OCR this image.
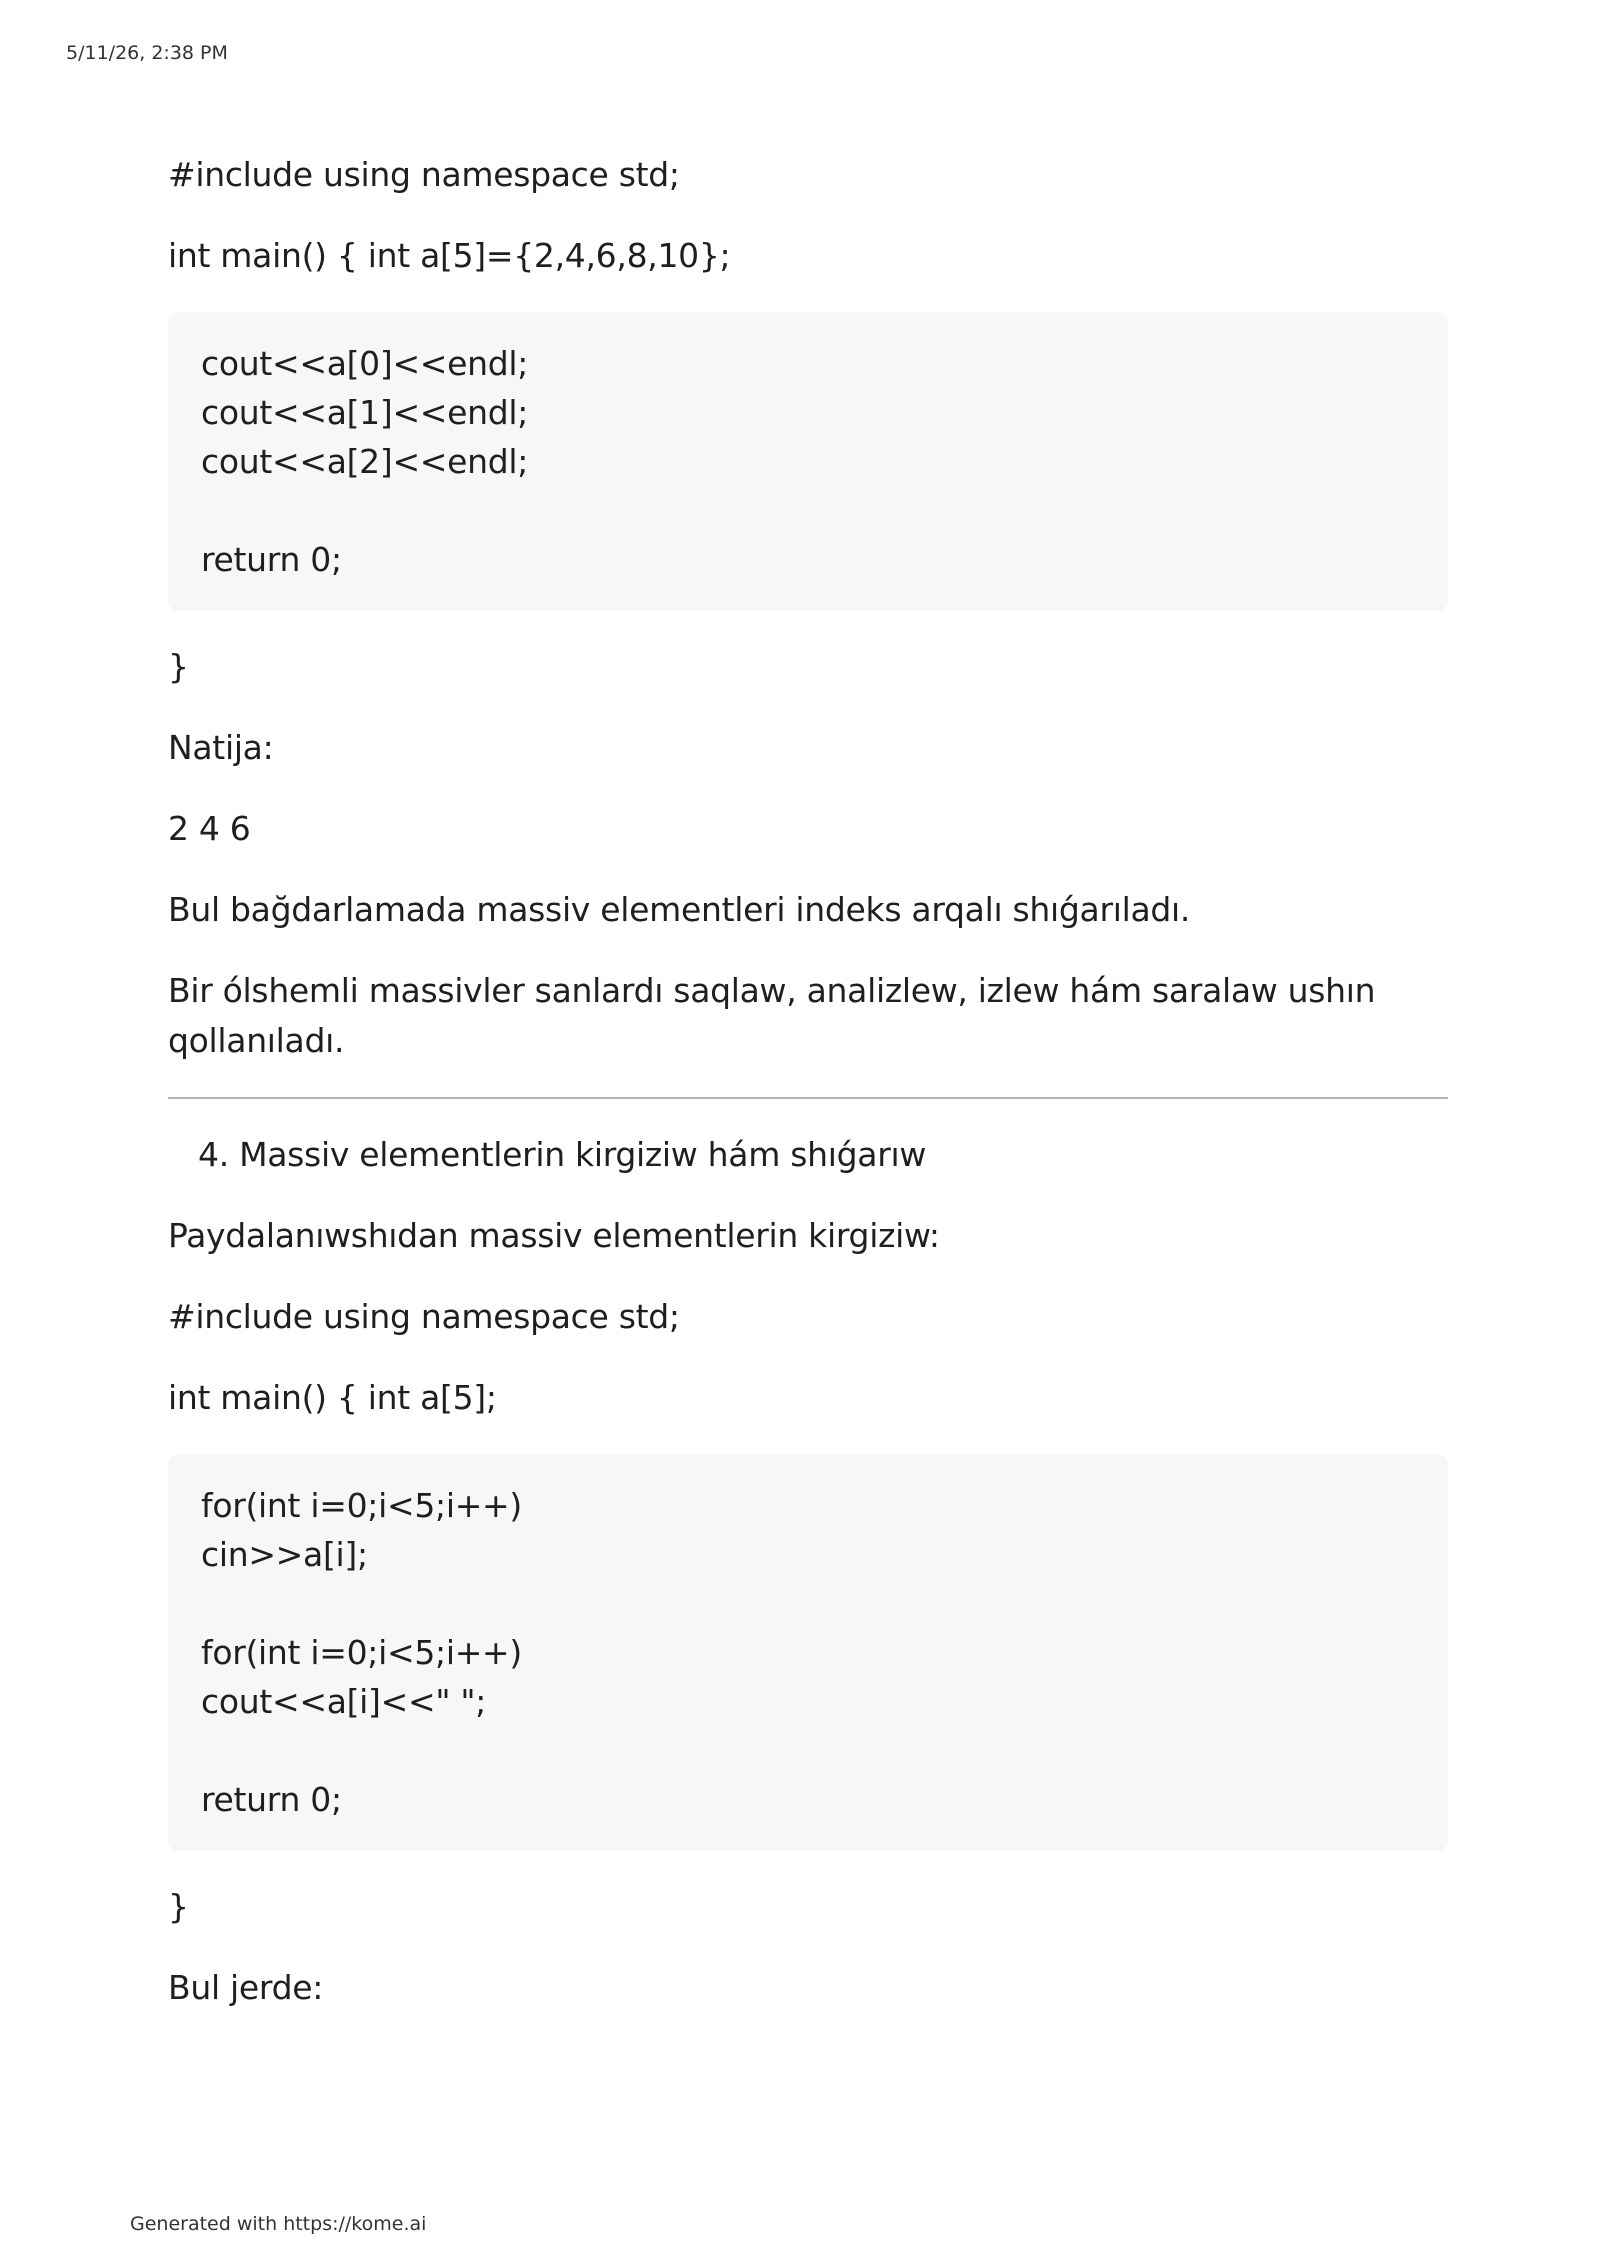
5/11/26, 2:38 PM

#include using namespace std;

int main() { int a[5]={2,4,6,8,10};

cout<<a[0]<<endl;
cout<<a[1]<<endl;
cout<<a[2]<<endl;
return 0;

}

Natija:

2 4 6

Bul bağdarlamada massiv elementleri indeks arqalı shıǵarıladı.

Bir ólshemli massivler sanlardı saqlaw, analizlew, izlew hám saralaw ushın qollanıladı.

4. Massiv elementlerin kirgiziw hám shıǵarıw

Paydalanıwshıdan massiv elementlerin kirgiziw:

#include using namespace std;

int main() { int a[5];

for(int i=0;i<5;i++)
cin>>a[i];
for(int i=0;i<5;i++)
cout<<a[i]<<" ";
return 0;

}

Bul jerde:

Generated with https://kome.ai
